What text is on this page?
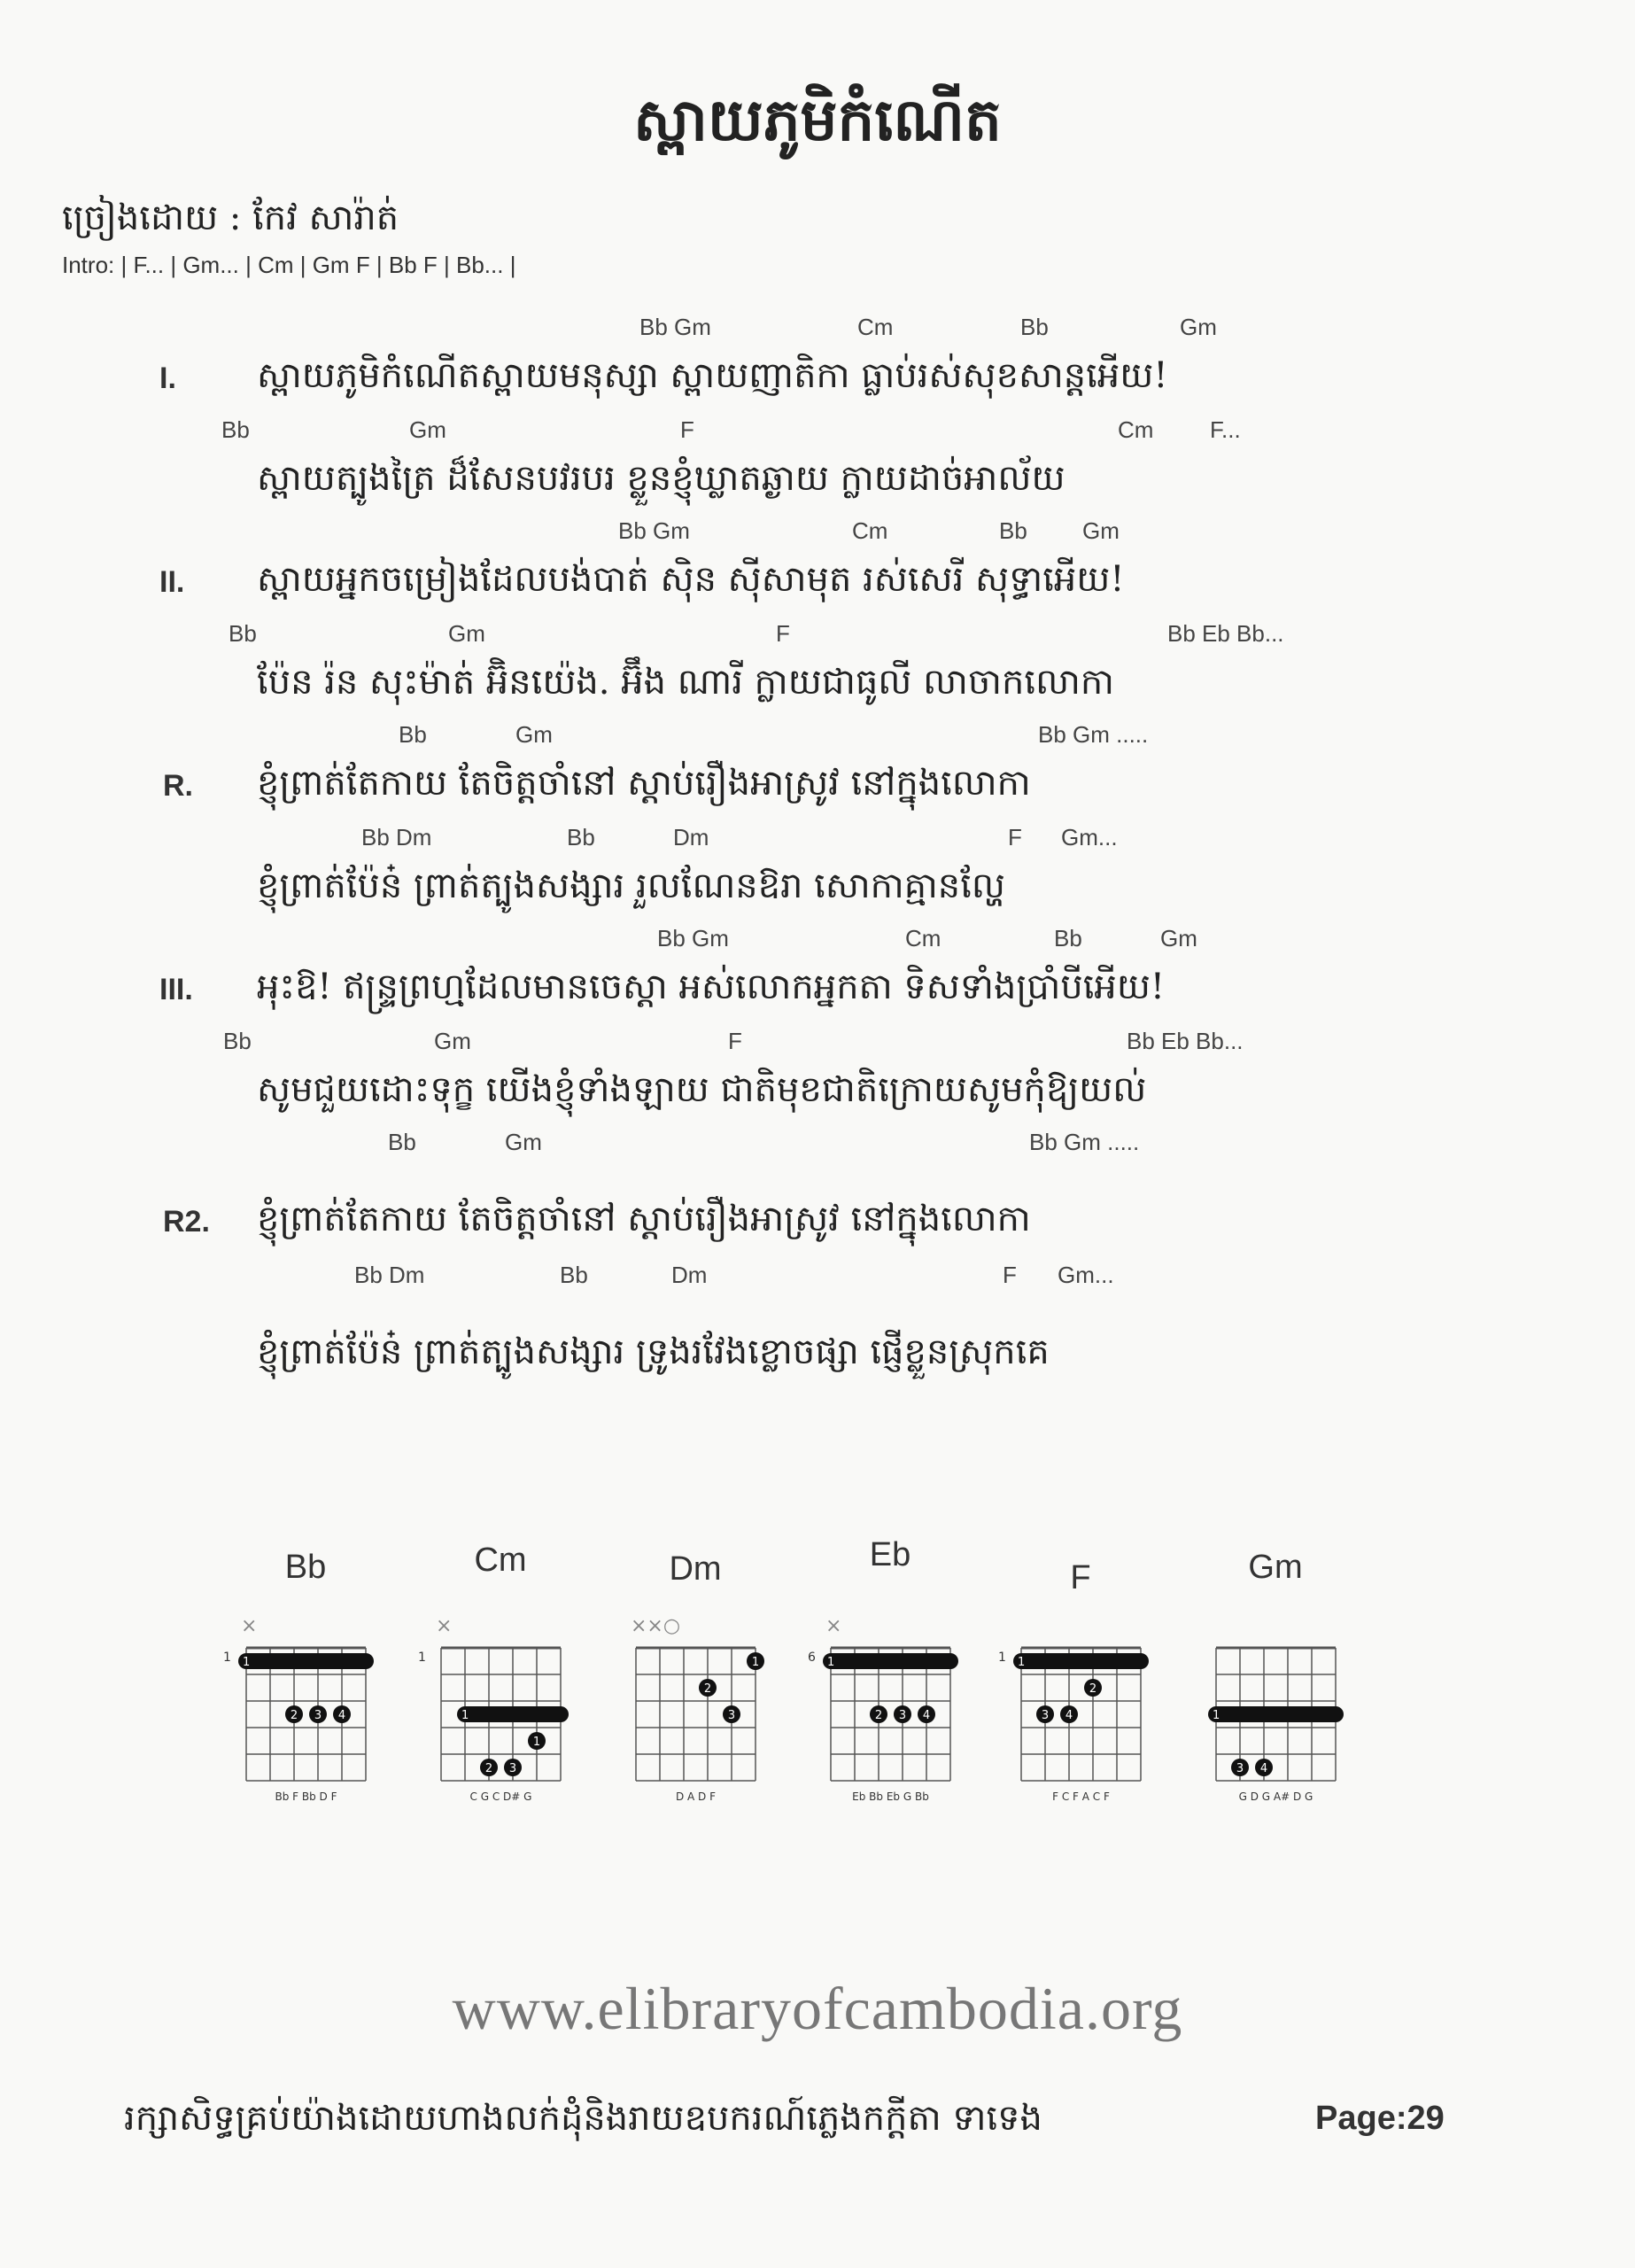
ស្ពាយភូមិកំណើត
ច្រៀងដោយ : កែវ សារ៉ាត់
Intro: | F... | Gm... | Cm | Gm F | Bb F | Bb... |
I.
Bb Gm	Cm	Bb	Gm
ស្ពាយភូមិកំណើតស្ពាយមនុស្សា ស្ពាយញាតិកា ធ្លាប់រស់សុខសាន្តអើយ!
Bb	Gm	F	Cm F...
ស្ពាយត្បូងត្រៃ ដ៏សែនបវរបរ ខ្លួនខ្ញុំឃ្លាតឆ្ងាយ ក្លាយដាច់អាល័យ
II.
Bb Gm	Cm	Bb Gm
ស្ពាយអ្នកចម្រៀងដែលបង់បាត់ ស៊ិន ស៊ីសាមុត រស់សេរី សុទ្ធាអើយ!
Bb	Gm	F	Bb Eb Bb...
ប៉ែន រ៉ន សុះម៉ាត់ អ៊ិនយ៉េង. អ៊ឹង ណារី ក្លាយជាធូលី លាចាកលោកា
R.
Bb	Gm	Bb Gm .....
ខ្ញុំព្រាត់តែកាយ តែចិត្តចាំនៅ ស្តាប់រឿងអាស្រូវ នៅក្នុងលោកា
Bb Dm	Bb	Dm	F Gm...
ខ្ញុំព្រាត់ប៉ែន៎ ព្រាត់ត្បូងសង្សារ រួលណែនឱរា សោកាគ្មានល្ហែ
III.
Bb Gm	Cm	Bb	Gm
អុះឱ! ឥន្ទ្រព្រហ្មដែលមានចេស្តា អស់លោកអ្នកតា ទិសទាំងប្រាំបីអើយ!
Bb	Gm	F	Bb Eb Bb...
សូមជួយដោះទុក្ខ យើងខ្ញុំទាំងឡាយ ជាតិមុខជាតិក្រោយសូមកុំឱ្យយល់
Bb	Gm	Bb Gm .....
R2. ខ្ញុំព្រាត់តែកាយ តែចិត្តចាំនៅ ស្តាប់រឿងអាស្រូវ នៅក្នុងលោកា
Bb Dm	Bb	Dm	F Gm...
ខ្ញុំព្រាត់ប៉ែន៎ ព្រាត់ត្បូងសង្សារ ទ្រូងរវែងខ្លោចផ្សា ផ្ញើខ្លួនស្រុកគេ
Bb
×
1 1
2 3 4
Bb F Bb D F
Cm
×
1
1
1
2 3
C G C D# G
Dm
××○
1
2
3
D A D F
Eb
×
6 1
2 3 4
Eb Bb Eb G Bb
F
1 1
2
3 4
F C F A C F
Gm
1
3 4
G D G A# D G
www.elibraryofcambodia.org
រក្សាសិទ្ធគ្រប់យ៉ាងដោយហាងលក់ដុំនិងរាយឧបករណ៍ភ្លេងកក្តីតា ទាទេង	Page:29
